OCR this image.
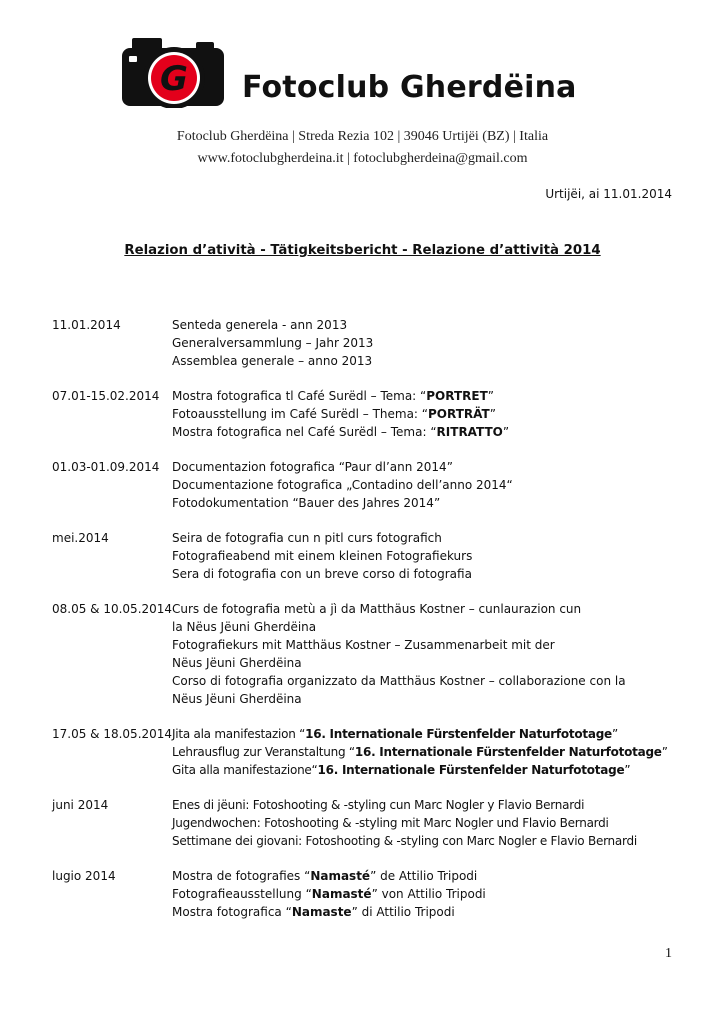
G Fotoclub Gherdëina
Fotoclub Gherdëina | Streda Rezia 102 | 39046 Urtijëi (BZ) | Italia
www.fotoclubgherdeina.it | fotoclubgherdeina@gmail.com
Urtijëi, ai 11.01.2014
Relazion d’atività - Tätigkeitsbericht - Relazione d’attività 2014
11.01.2014	Senteda generela - ann 2013
Generalversammlung – Jahr 2013
Assemblea generale – anno 2013
07.01-15.02.2014	Mostra fotografica tl Café Surëdl – Tema: “PORTRET”
Fotoausstellung im Café Surëdl – Thema: “PORTRÄT”
Mostra fotografica nel Café Surëdl – Tema: “RITRATTO”
01.03-01.09.2014	Documentazion fotografica “Paur dl’ann 2014”
Documentazione fotografica „Contadino dell’anno 2014“
Fotodokumentation “Bauer des Jahres 2014”
mei.2014	Seira de fotografia cun n pitl curs fotografich
Fotografieabend mit einem kleinen Fotografiekurs
Sera di fotografia con un breve corso di fotografia
08.05 & 10.05.2014 Curs de fotografia metù a jì da Matthäus Kostner – cunlaurazion cun
la Nëus Jëuni Gherdëina
Fotografiekurs mit Matthäus Kostner – Zusammenarbeit mit der
Nëus Jëuni Gherdëina
Corso di fotografia organizzato da Matthäus Kostner – collaborazione con la
Nëus Jëuni Gherdëina
17.05 & 18.05.2014 Jita ala manifestazion “16. Internationale Fürstenfelder Naturfototage”
Lehrausflug zur Veranstaltung “16. Internationale Fürstenfelder Naturfototage”
Gita alla manifestazione“16. Internationale Fürstenfelder Naturfototage”
juni 2014	Enes di jëuni: Fotoshooting & -styling cun Marc Nogler y Flavio Bernardi
Jugendwochen: Fotoshooting & -styling mit Marc Nogler und Flavio Bernardi
Settimane dei giovani: Fotoshooting & -styling con Marc Nogler e Flavio Bernardi
lugio 2014	Mostra de fotografies “Namasté” de Attilio Tripodi
Fotografieausstellung “Namasté” von Attilio Tripodi
Mostra fotografica “Namaste” di Attilio Tripodi
1
